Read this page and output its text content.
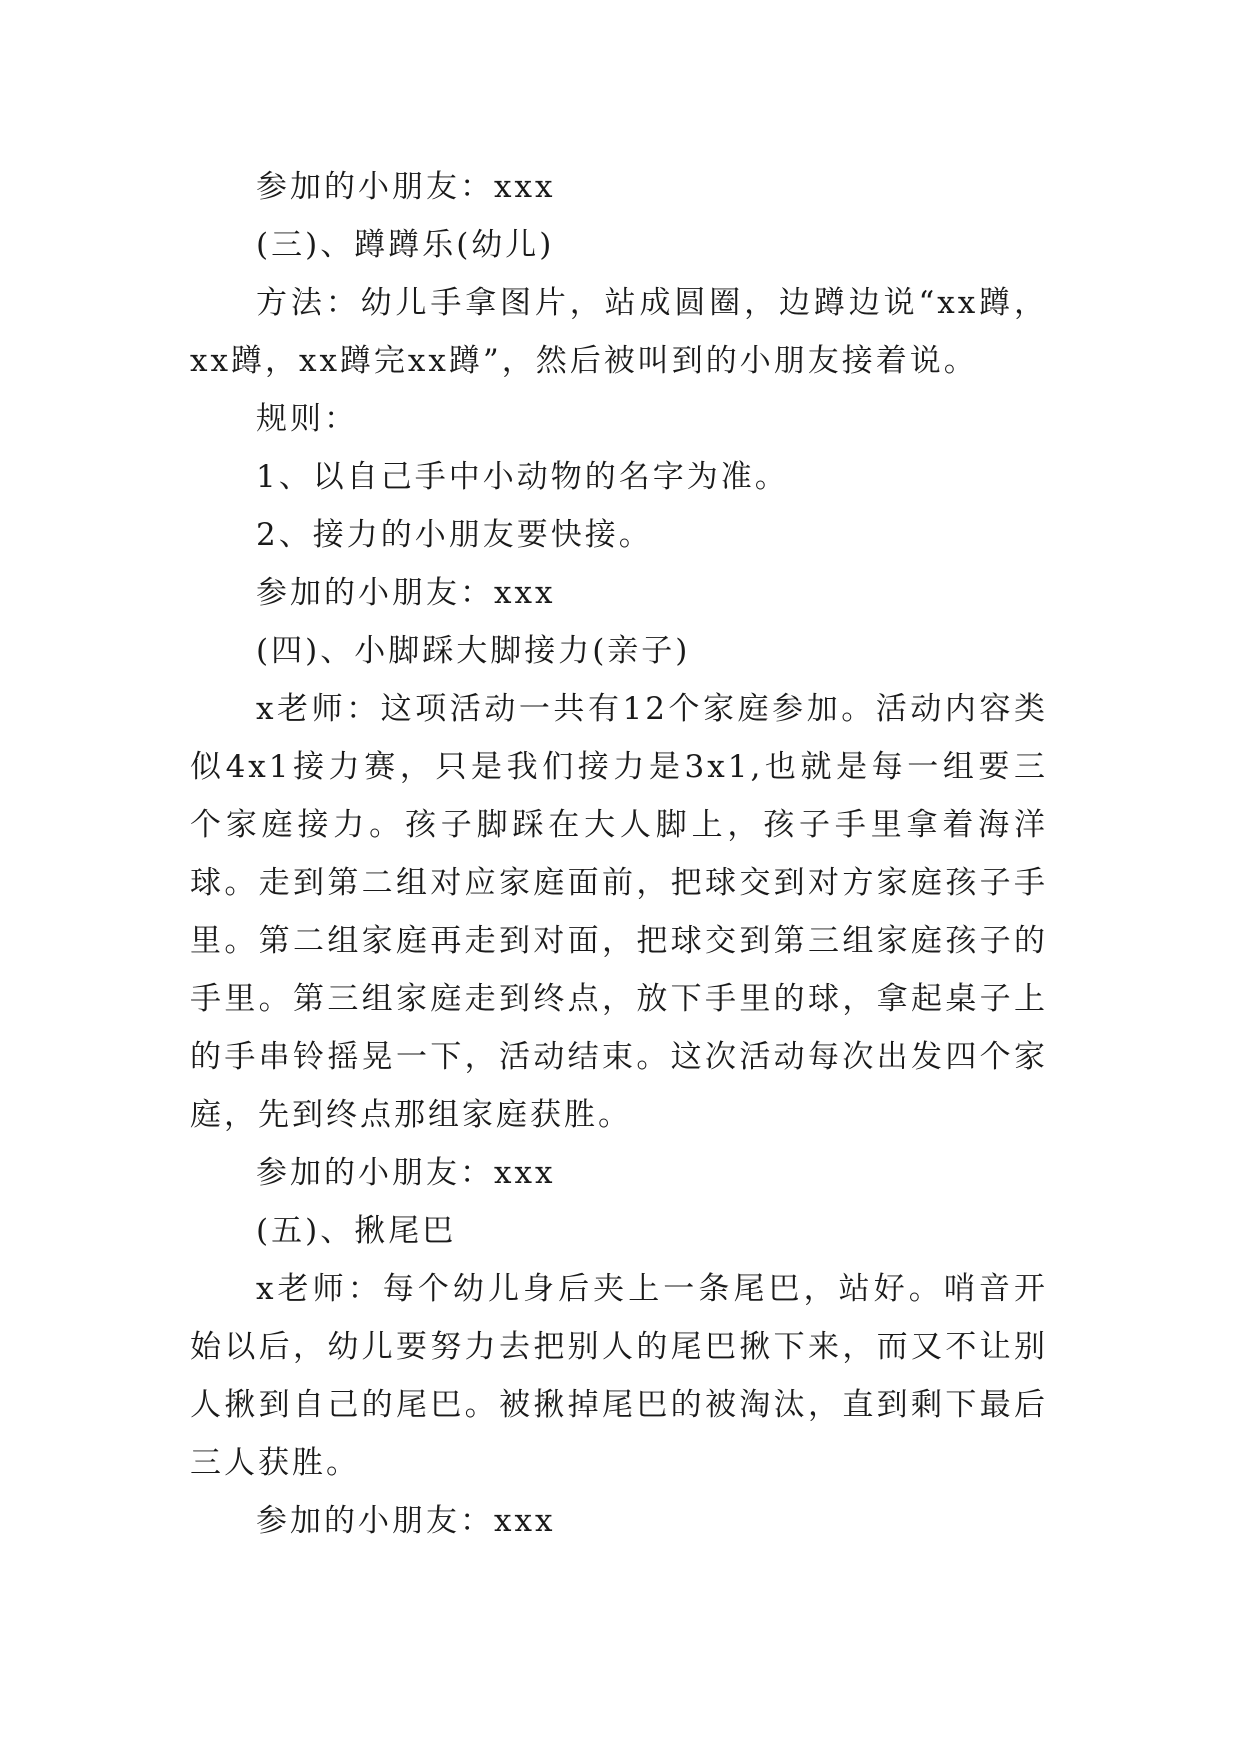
参加的小朋友：xxx

(三)、蹲蹲乐(幼儿)

方法：幼儿手拿图片，站成圆圈，边蹲边说“xx蹲，xx蹲，xx蹲完xx蹲”，然后被叫到的小朋友接着说。

规则：

1、以自己手中小动物的名字为准。

2、接力的小朋友要快接。

参加的小朋友：xxx

(四)、小脚踩大脚接力(亲子)

x老师：这项活动一共有12个家庭参加。活动内容类似4x1接力赛，只是我们接力是3x1,也就是每一组要三个家庭接力。孩子脚踩在大人脚上，孩子手里拿着海洋球。走到第二组对应家庭面前，把球交到对方家庭孩子手里。第二组家庭再走到对面，把球交到第三组家庭孩子的手里。第三组家庭走到终点，放下手里的球，拿起桌子上的手串铃摇晃一下，活动结束。这次活动每次出发四个家庭，先到终点那组家庭获胜。

参加的小朋友：xxx

(五)、揪尾巴

x老师：每个幼儿身后夹上一条尾巴，站好。哨音开始以后，幼儿要努力去把别人的尾巴揪下来，而又不让别人揪到自己的尾巴。被揪掉尾巴的被淘汰，直到剩下最后三人获胜。

参加的小朋友：xxx
